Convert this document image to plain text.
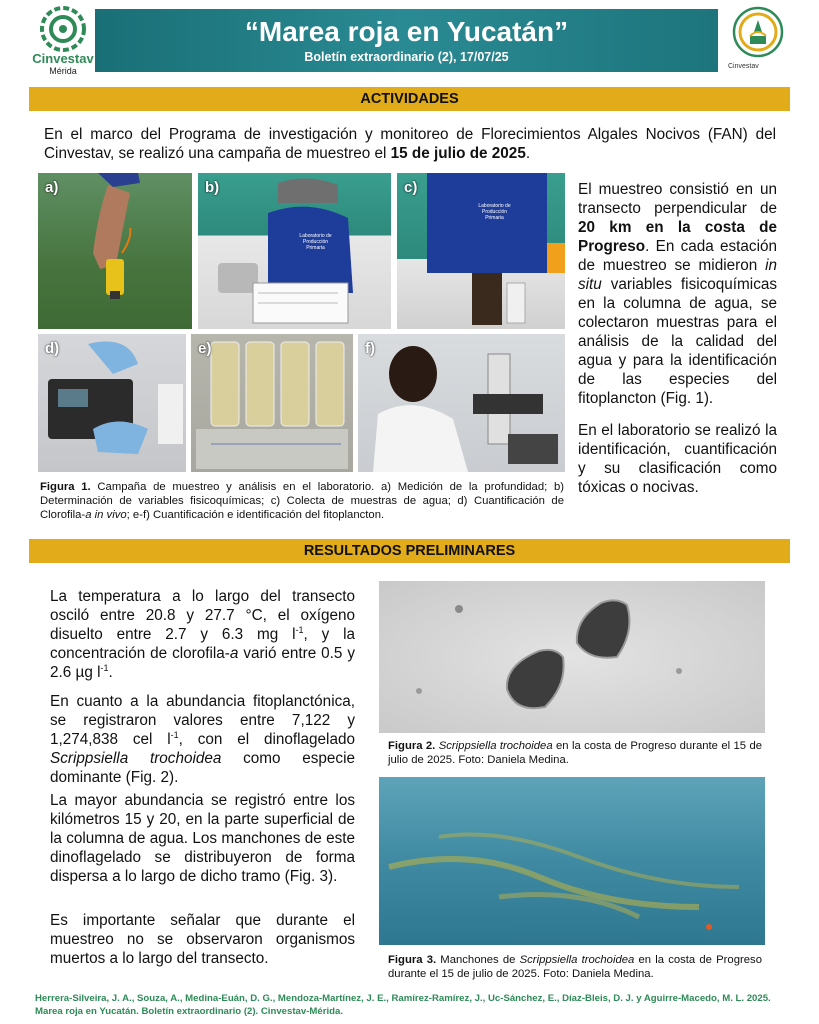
Cinvestav
Mérida
“Marea roja en Yucatán”
Boletín extraordinario (2), 17/07/25
Cinvestav
ACTIVIDADES
En el marco del Programa de investigación y monitoreo de Florecimientos Algales Nocivos (FAN) del Cinvestav, se realizó una campaña de muestreo el 15 de julio de 2025.
a)
Laboratorio de Producción Primaria
b)
Laboratorio de Producción Primaria
c)
d)	e)	f)
Figura 1. Campaña de muestreo y análisis en el laboratorio. a) Medición de la profundidad; b) Determinación de variables fisicoquímicas; c) Colecta de muestras de agua; d) Cuantificación de Clorofila-a in vivo; e-f) Cuantificación e identificación del fitoplancton.
El muestreo consistió en un transecto perpendicular de 20 km en la costa de Progreso. En cada estación de muestreo se midieron in situ variables fisicoquímicas en la columna de agua, se colectaron muestras para el análisis de la calidad del agua y para la identificación de las especies del fitoplancton (Fig. 1).
En el laboratorio se realizó la identificación, cuantificación y su clasificación como tóxicas o nocivas.
RESULTADOS PRELIMINARES
La temperatura a lo largo del transecto osciló entre 20.8 y 27.7 °C, el oxígeno disuelto entre 2.7 y 6.3 mg $l^{-1}$, y la concentración de clorofila-a varió entre 0.5 y 2.6 µg $l^{-1}$.
En cuanto a la abundancia fitoplanctónica, se registraron valores entre 7,122 y 1,274,838 cel $l^{-1}$, con el dinoflagelado Scrippsiella trochoidea como especie dominante (Fig. 2).
La mayor abundancia se registró entre los kilómetros 15 y 20, en la parte superficial de la columna de agua. Los manchones de este dinoflagelado se distribuyeron de forma dispersa a lo largo de dicho tramo (Fig. 3).
Es importante señalar que durante el muestreo no se observaron organismos muertos a lo largo del transecto.
Figura 2. Scrippsiella trochoidea en la costa de Progreso durante el 15 de julio de 2025. Foto: Daniela Medina.
Figura 3. Manchones de Scrippsiella trochoidea en la costa de Progreso durante el 15 de julio de 2025. Foto: Daniela Medina.
Herrera-Silveira, J. A., Souza, A., Medina-Euán, D. G., Mendoza-Martínez, J. E., Ramírez-Ramírez, J., Uc-Sánchez, E., Díaz-Bleis, D. J. y Aguirre-Macedo, M. L. 2025. Marea roja en Yucatán. Boletín extraordinario (2). Cinvestav-Mérida.
